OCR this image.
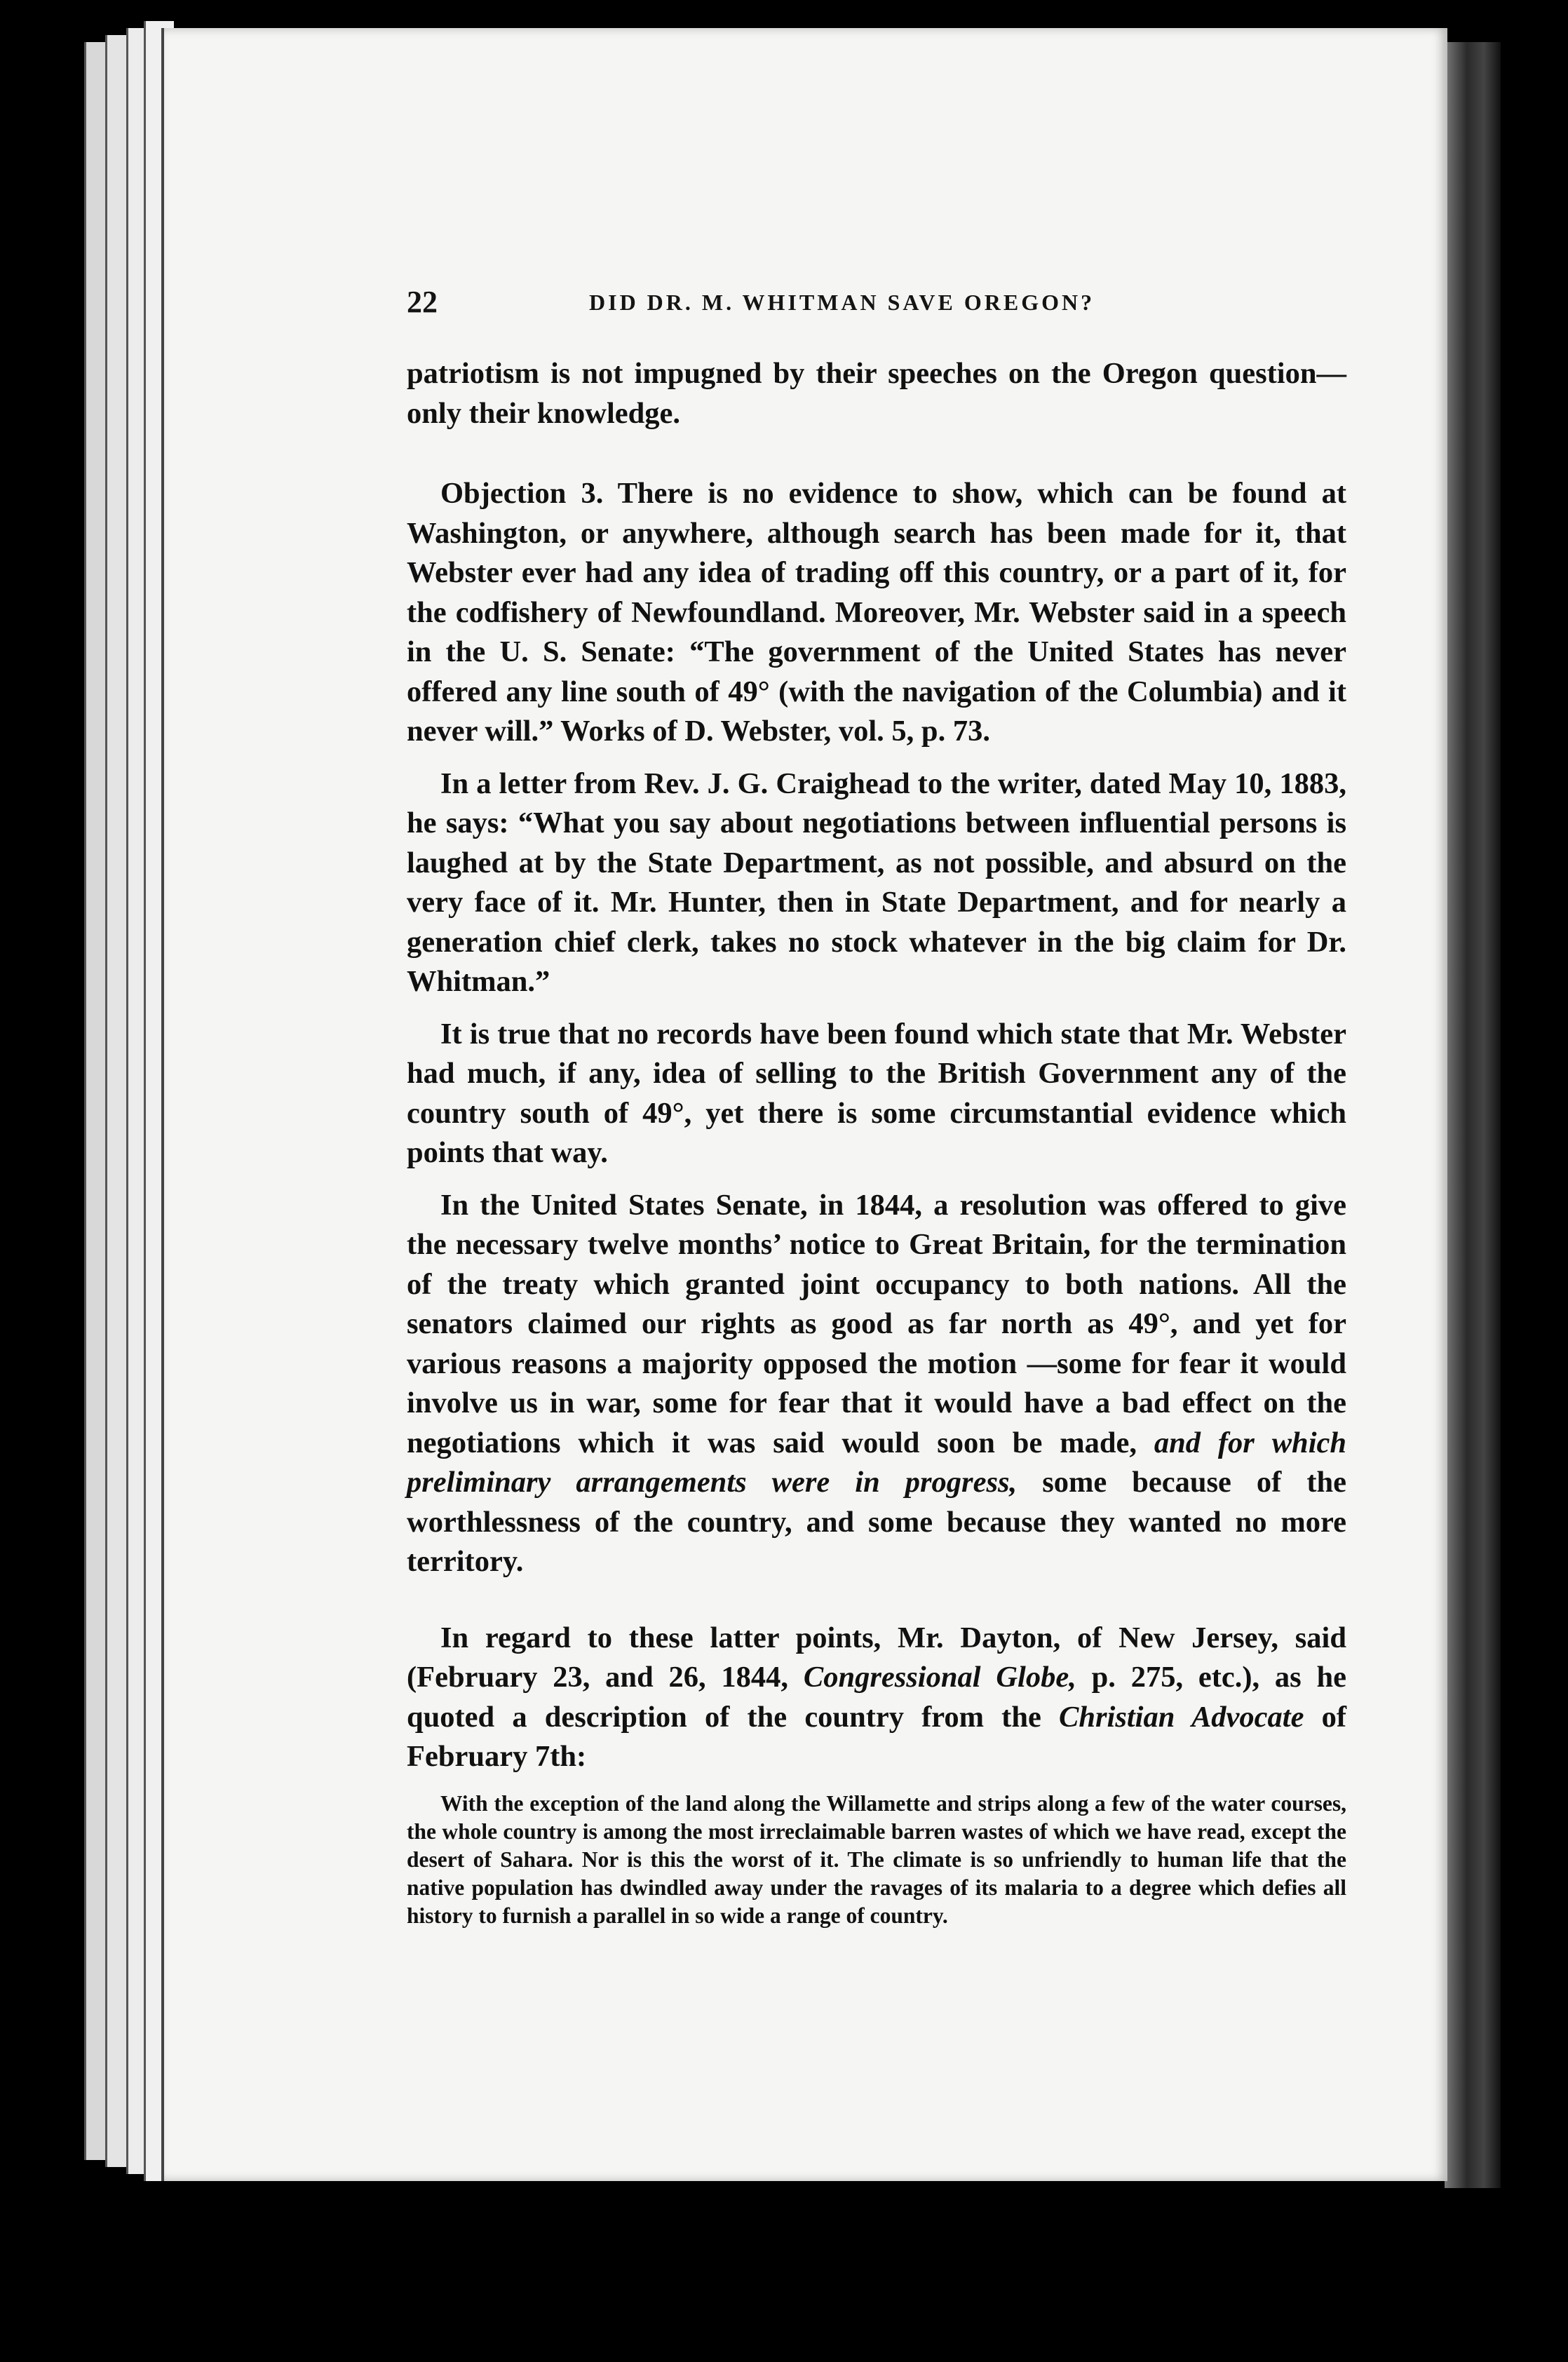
22	DID DR. M. WHITMAN SAVE OREGON?

patriotism is not impugned by their speeches on the Oregon question—only their knowledge.

Objection 3. There is no evidence to show, which can be found at Washington, or anywhere, although search has been made for it, that Webster ever had any idea of trading off this country, or a part of it, for the codfishery of Newfoundland. Moreover, Mr. Webster said in a speech in the U. S. Senate: “The government of the United States has never offered any line south of 49° (with the navigation of the Columbia) and it never will.” Works of D. Webster, vol. 5, p. 73.

In a letter from Rev. J. G. Craighead to the writer, dated May 10, 1883, he says: “What you say about negotiations between influential persons is laughed at by the State Department, as not possible, and absurd on the very face of it. Mr. Hunter, then in State Department, and for nearly a generation chief clerk, takes no stock whatever in the big claim for Dr. Whitman.”

It is true that no records have been found which state that Mr. Webster had much, if any, idea of selling to the British Government any of the country south of 49°, yet there is some circumstantial evidence which points that way.

In the United States Senate, in 1844, a resolution was offered to give the necessary twelve months’ notice to Great Britain, for the termination of the treaty which granted joint occupancy to both nations. All the senators claimed our rights as good as far north as 49°, and yet for various reasons a majority opposed the motion —some for fear it would involve us in war, some for fear that it would have a bad effect on the negotiations which it was said would soon be made, and for which preliminary arrangements were in progress, some because of the worthlessness of the country, and some because they wanted no more territory.

In regard to these latter points, Mr. Dayton, of New Jersey, said (February 23, and 26, 1844, Congressional Globe, p. 275, etc.), as he quoted a description of the country from the Christian Advocate of February 7th:

With the exception of the land along the Willamette and strips along a few of the water courses, the whole country is among the most irreclaimable barren wastes of which we have read, except the desert of Sahara. Nor is this the worst of it. The climate is so unfriendly to human life that the native population has dwindled away under the ravages of its malaria to a degree which defies all history to furnish a parallel in so wide a range of country.
